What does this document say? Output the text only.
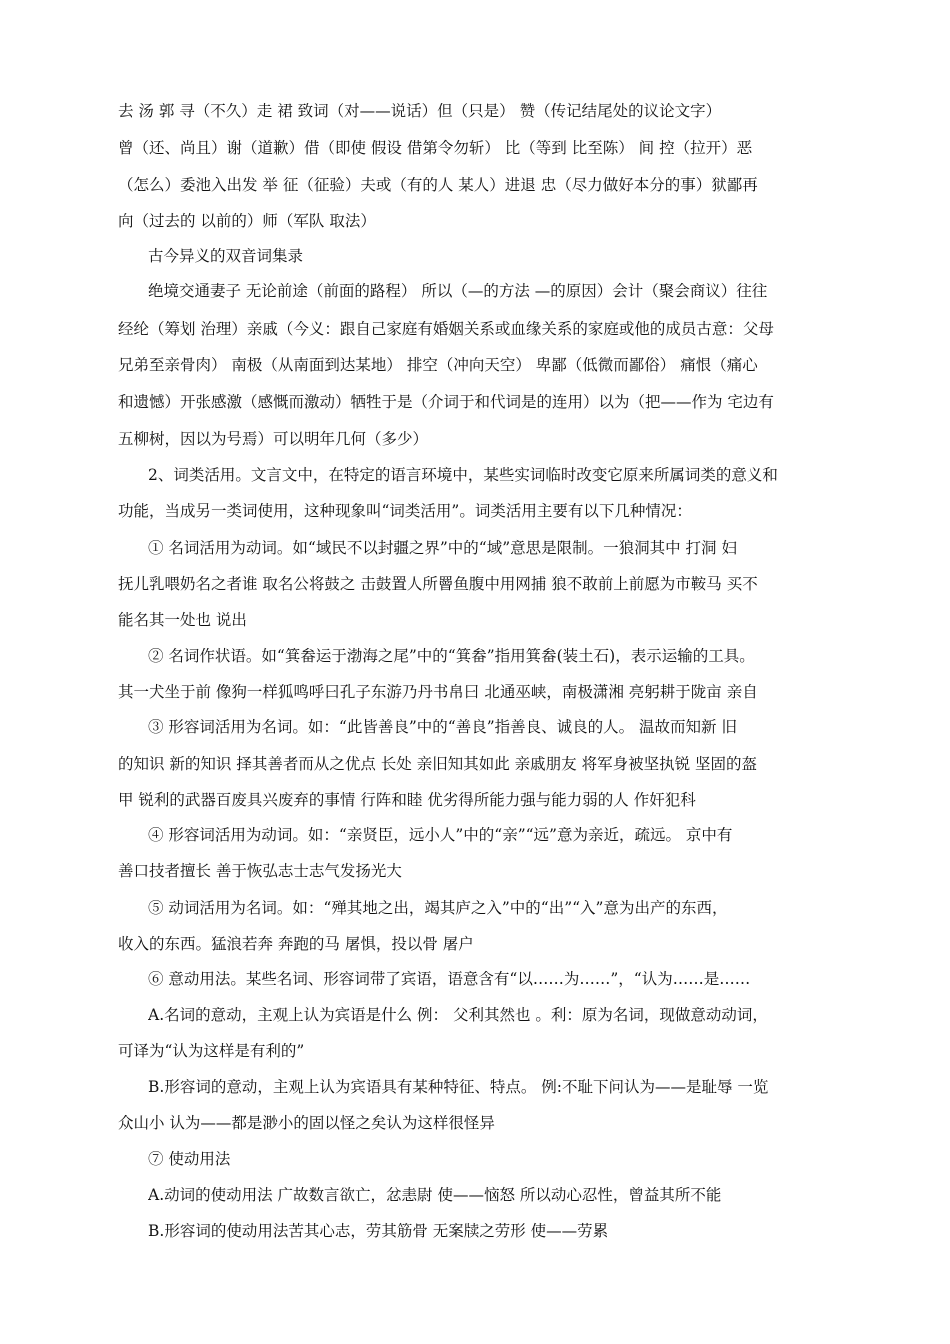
去 汤 郭 寻（不久）走 裙 致词（对——说话）但（只是） 赞（传记结尾处的议论文字）
曾（还、尚且）谢（道歉）借（即使 假设 借第令勿斩） 比（等到 比至陈） 间 控（拉开）恶
（怎么）委池入出发 举 征（征验）夫或（有的人 某人）进退 忠（尽力做好本分的事）狱鄙再
向（过去的 以前的）师（军队 取法）
古今异义的双音词集录
绝境交通妻子 无论前途（前面的路程） 所以（—的方法 —的原因）会计（聚会商议）往往
经纶（筹划 治理）亲戚（今义：跟自己家庭有婚姻关系或血缘关系的家庭或他的成员古意：父母
兄弟至亲骨肉） 南极（从南面到达某地） 排空（冲向天空） 卑鄙（低微而鄙俗） 痛恨（痛心
和遗憾）开张感激（感慨而激动）牺牲于是（介词于和代词是的连用）以为（把——作为 宅边有
五柳树，因以为号焉）可以明年几何（多少）
2、词类活用。文言文中，在特定的语言环境中，某些实词临时改变它原来所属词类的意义和
功能，当成另一类词使用，这种现象叫“词类活用”。词类活用主要有以下几种情况：
① 名词活用为动词。如“域民不以封疆之界”中的“域”意思是限制。一狼洞其中 打洞 妇
抚儿乳喂奶名之者谁 取名公将鼓之 击鼓置人所罾鱼腹中用网捕 狼不敢前上前愿为市鞍马 买不
能名其一处也 说出
② 名词作状语。如“箕畚运于渤海之尾”中的“箕畚”指用箕畚(装土石)，表示运输的工具。
其一犬坐于前 像狗一样狐鸣呼曰孔子东游乃丹书帛曰 北通巫峡，南极潇湘 亮躬耕于陇亩 亲自
③ 形容词活用为名词。如：“此皆善良”中的“善良”指善良、诚良的人。 温故而知新 旧
的知识 新的知识 择其善者而从之优点 长处 亲旧知其如此 亲戚朋友 将军身被坚执锐 坚固的盔
甲 锐利的武器百废具兴废弃的事情 行阵和睦 优劣得所能力强与能力弱的人 作奸犯科
④ 形容词活用为动词。如：“亲贤臣，远小人”中的“亲”“远”意为亲近，疏远。 京中有
善口技者擅长 善于恢弘志士志气发扬光大
⑤ 动词活用为名词。如：“殚其地之出，竭其庐之入”中的“出”“入”意为出产的东西，
收入的东西。猛浪若奔 奔跑的马 屠惧，投以骨 屠户
⑥ 意动用法。某些名词、形容词带了宾语，语意含有“以……为……”，“认为……是……
A.名词的意动，主观上认为宾语是什么 例： 父利其然也 。利：原为名词，现做意动动词，
可译为“认为这样是有利的”
B.形容词的意动，主观上认为宾语具有某种特征、特点。 例:不耻下问认为——是耻辱 一览
众山小 认为——都是渺小的固以怪之矣认为这样很怪异
⑦ 使动用法
A.动词的使动用法 广故数言欲亡，忿恚尉 使——恼怒 所以动心忍性，曾益其所不能
B.形容词的使动用法苦其心志，劳其筋骨 无案牍之劳形 使——劳累
